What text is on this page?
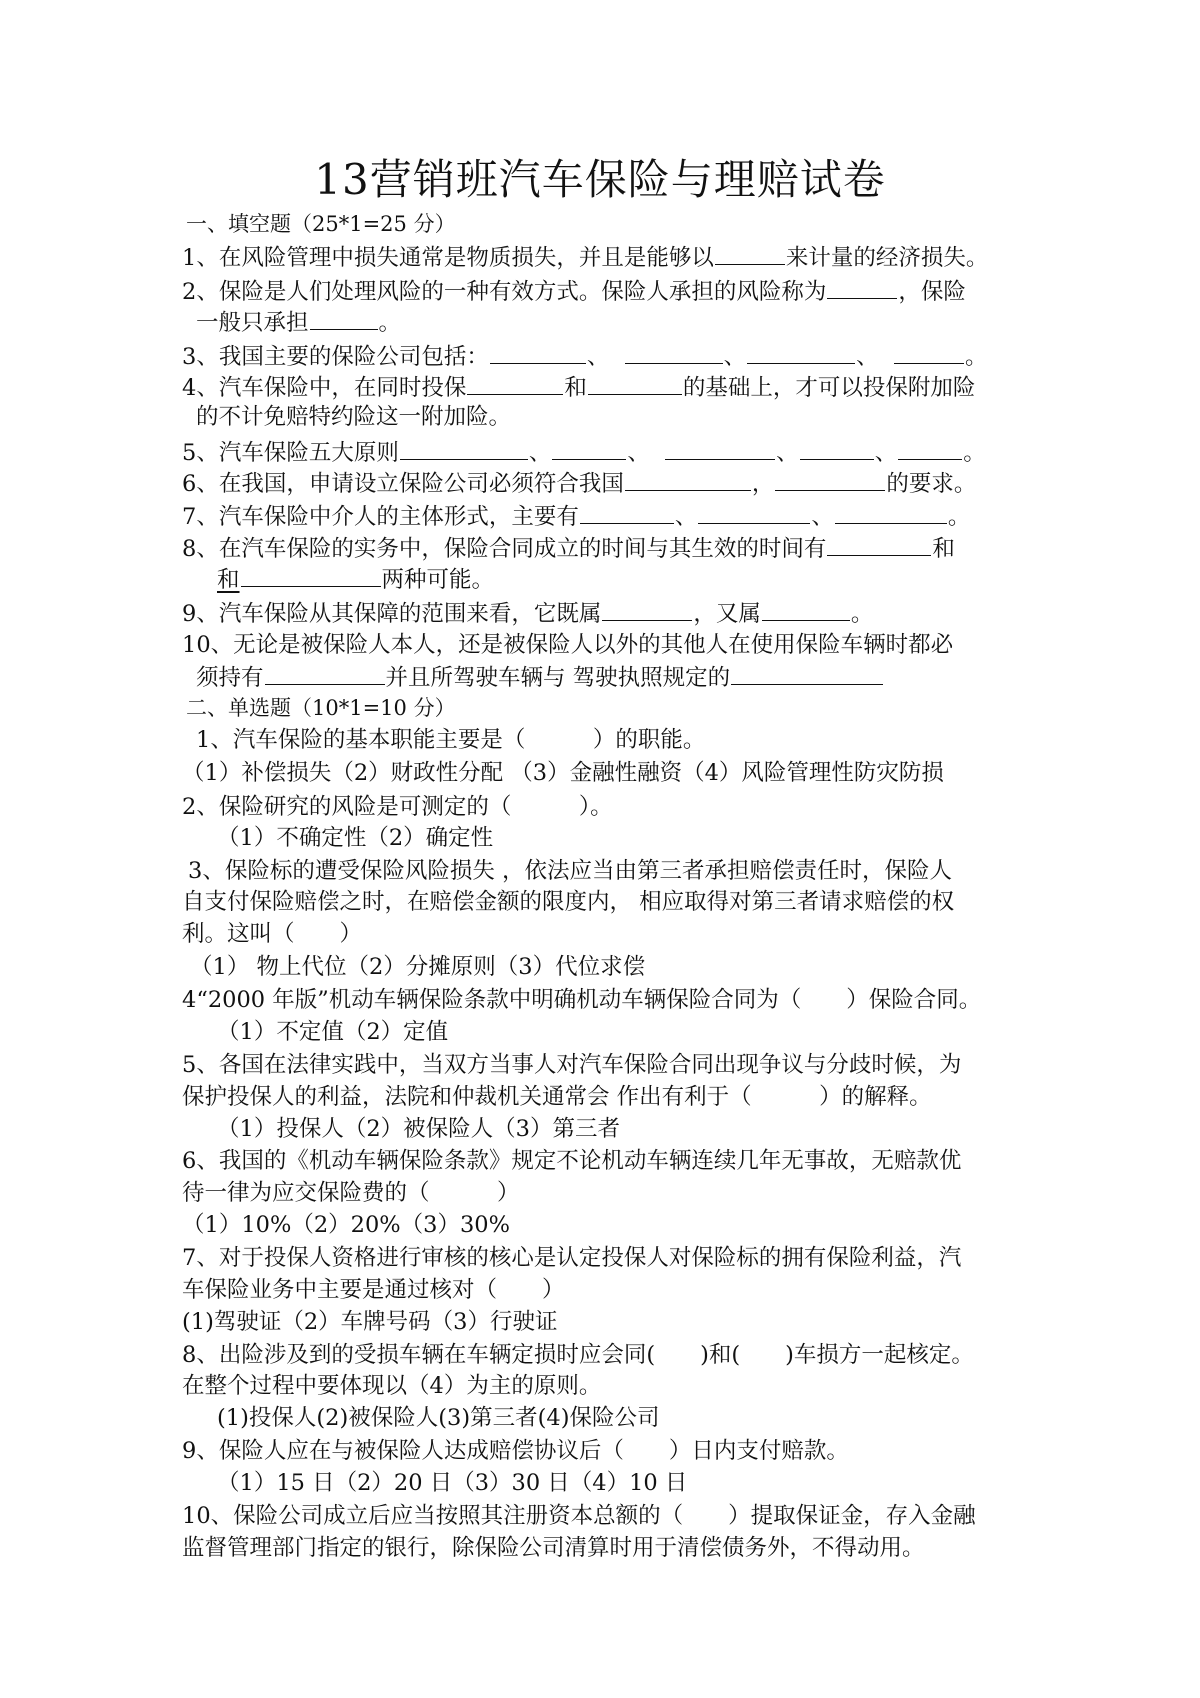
13营销班汽车保险与理赔试卷
一、填空题（25*1=25 分）
1、在风险管理中损失通常是物质损失，并且是能够以	来计量的经济损失。
2、保险是人们处理风险的一种有效方式。保险人承担的风险称为	，保险
一般只承担	。
3、我国主要的保险公司包括：	、	、	、	。
4、汽车保险中，在同时投保	和	的基础上，才可以投保附加险
的不计免赔特约险这一附加险。
5、汽车保险五大原则	、	、	、	、	。
6、在我国，申请设立保险公司必须符合我国	，	的要求。
7、汽车保险中介人的主体形式，主要有	、	、	。
8、在汽车保险的实务中，保险合同成立的时间与其生效的时间有	和
和	两种可能。
9、汽车保险从其保障的范围来看，它既属	，又属	。
10、无论是被保险人本人，还是被保险人以外的其他人在使用保险车辆时都必
须持有	并且所驾驶车辆与 驾驶执照规定的
二、单选题（10*1=10 分）
1、汽车保险的基本职能主要是（　　　）的职能。
（1）补偿损失（2）财政性分配 （3）金融性融资（4）风险管理性防灾防损
2、保险研究的风险是可测定的（　　　）。
（1）不确定性（2）确定性
3、保险标的遭受保险风险损失 ，依法应当由第三者承担赔偿责任时，保险人
自支付保险赔偿之时，在赔偿金额的限度内， 相应取得对第三者请求赔偿的权
利。这叫（　　）
（1） 物上代位（2）分摊原则（3）代位求偿
4“2000 年版”机动车辆保险条款中明确机动车辆保险合同为（　　）保险合同。
（1）不定值（2）定值
5、各国在法律实践中，当双方当事人对汽车保险合同出现争议与分歧时候，为
保护投保人的利益，法院和仲裁机关通常会 作出有利于（　　　）的解释。
（1）投保人（2）被保险人（3）第三者
6、我国的《机动车辆保险条款》规定不论机动车辆连续几年无事故，无赔款优
待一律为应交保险费的（　　　）
（1）10%（2）20%（3）30%
7、对于投保人资格进行审核的核心是认定投保人对保险标的拥有保险利益，汽
车保险业务中主要是通过核对（　　）
(1)驾驶证（2）车牌号码（3）行驶证
8、出险涉及到的受损车辆在车辆定损时应会同(　　)和(　　)车损方一起核定。
在整个过程中要体现以（4）为主的原则。
(1)投保人(2)被保险人(3)第三者(4)保险公司
9、保险人应在与被保险人达成赔偿协议后（　　）日内支付赔款。
（1）15 日（2）20 日（3）30 日（4）10 日
10、保险公司成立后应当按照其注册资本总额的（　　）提取保证金，存入金融
监督管理部门指定的银行，除保险公司清算时用于清偿债务外，不得动用。
